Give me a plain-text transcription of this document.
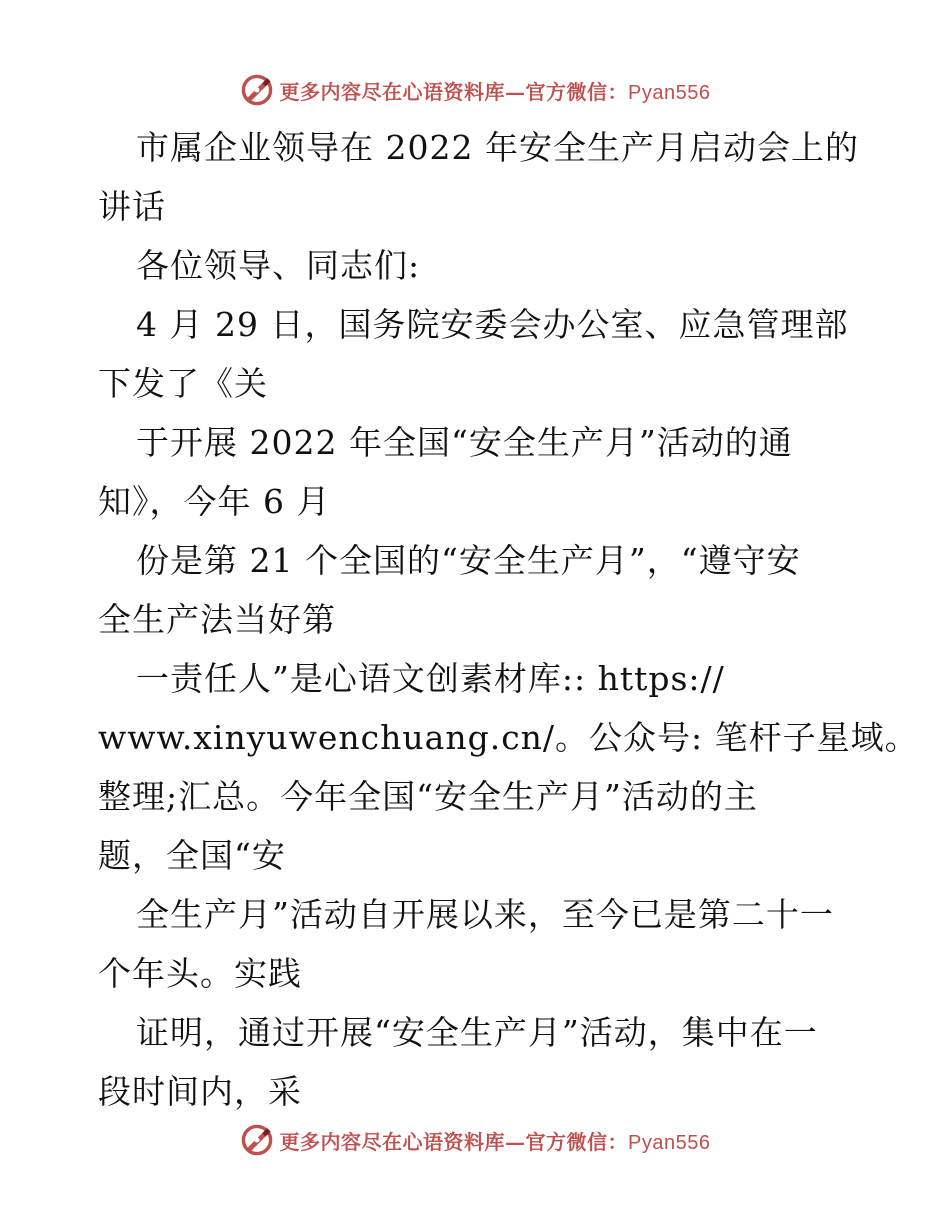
更多内容尽在心语资料库—官方微信：Pyan556
市属企业领导在 2022 年安全生产月启动会上的
讲话
各位领导、同志们:
4 月 29 日，国务院安委会办公室、应急管理部
下发了《关
于开展 2022 年全国“安全生产月”活动的通
知》，今年 6 月
份是第 21 个全国的“安全生产月”，“遵守安
全生产法当好第
一责任人”是心语文创素材库:: https://
www.xinyuwenchuang.cn/。公众号: 笔杆子星域。
整理;汇总。今年全国“安全生产月”活动的主
题，全国“安
全生产月”活动自开展以来，至今已是第二十一
个年头。实践
证明，通过开展“安全生产月”活动，集中在一
段时间内，采
更多内容尽在心语资料库—官方微信：Pyan556
